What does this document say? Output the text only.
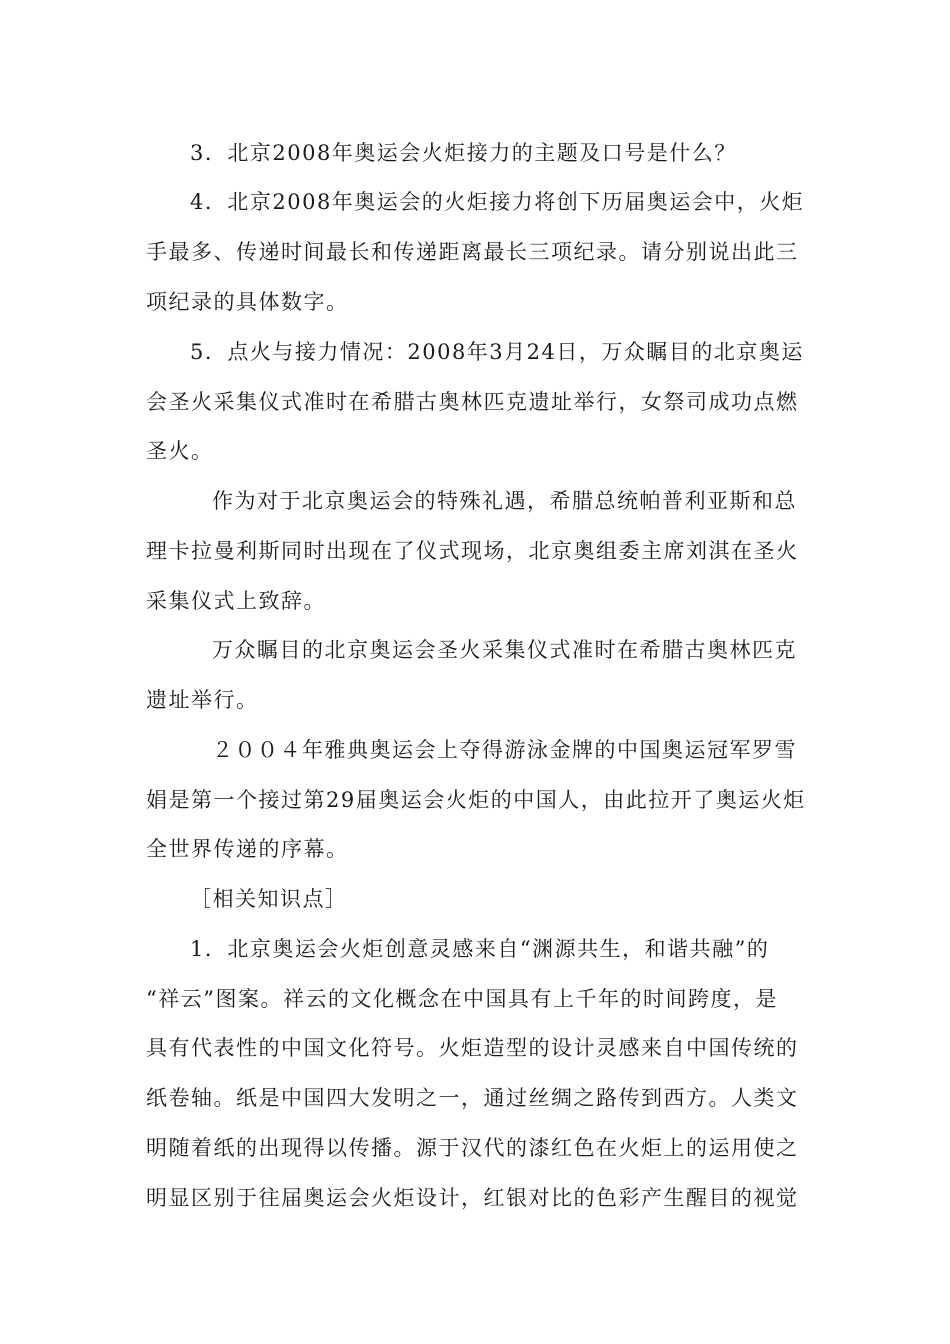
3．北京2008年奥运会火炬接力的主题及口号是什么？
4．北京2008年奥运会的火炬接力将创下历届奥运会中，火炬
手最多、传递时间最长和传递距离最长三项纪录。请分别说出此三
项纪录的具体数字。
5．点火与接力情况：2008年3月24日，万众瞩目的北京奥运
会圣火采集仪式准时在希腊古奥林匹克遗址举行，女祭司成功点燃
圣火。
作为对于北京奥运会的特殊礼遇，希腊总统帕普利亚斯和总
理卡拉曼利斯同时出现在了仪式现场，北京奥组委主席刘淇在圣火
采集仪式上致辞。
万众瞩目的北京奥运会圣火采集仪式准时在希腊古奥林匹克
遗址举行。
２００４年雅典奥运会上夺得游泳金牌的中国奥运冠军罗雪
娟是第一个接过第29届奥运会火炬的中国人，由此拉开了奥运火炬
全世界传递的序幕。
［相关知识点］
1．北京奥运会火炬创意灵感来自“渊源共生，和谐共融”的
“祥云”图案。祥云的文化概念在中国具有上千年的时间跨度，是
具有代表性的中国文化符号。火炬造型的设计灵感来自中国传统的
纸卷轴。纸是中国四大发明之一，通过丝绸之路传到西方。人类文
明随着纸的出现得以传播。源于汉代的漆红色在火炬上的运用使之
明显区别于往届奥运会火炬设计，红银对比的色彩产生醒目的视觉
